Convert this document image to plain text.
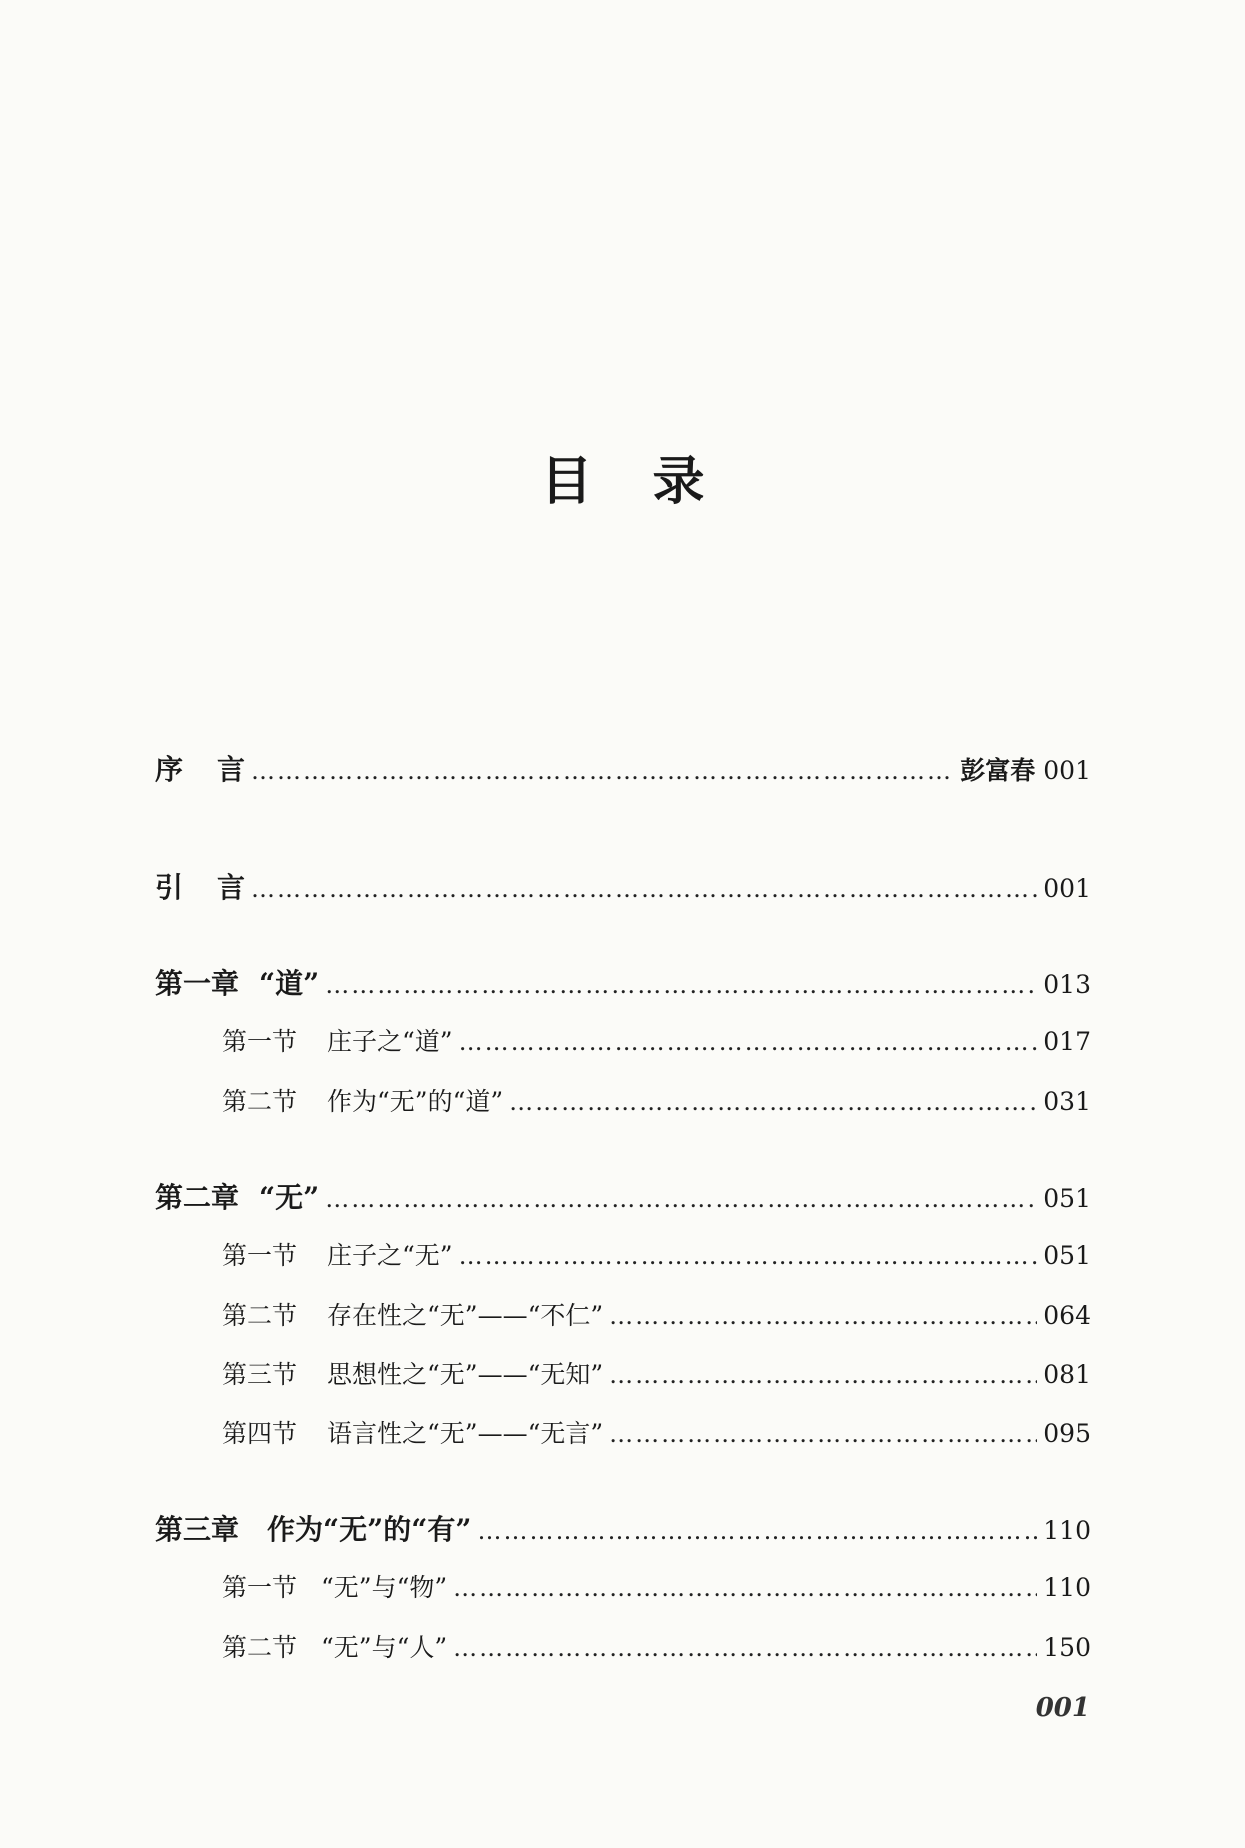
目录
序 言 ………………………………………………………………………………………………………………………………………………………………………	彭富春 001
引 言 ………………………………………………………………………………………………………………………………………………………………………	001
第一章 “道” ………………………………………………………………………………………………………………………………………………………………………	013
第一节 庄子之“道” ………………………………………………………………………………………………………………………………………………………………………	017
第二节 作为“无”的“道” ………………………………………………………………………………………………………………………………………………………………………	031
第二章 “无” ………………………………………………………………………………………………………………………………………………………………………	051
第一节 庄子之“无” ………………………………………………………………………………………………………………………………………………………………………	051
第二节 存在性之“无”——“不仁” ………………………………………………………………………………………………………………………………………………………………………	064
第三节 思想性之“无”——“无知” ………………………………………………………………………………………………………………………………………………………………………	081
第四节 语言性之“无”——“无言” ………………………………………………………………………………………………………………………………………………………………………	095
第三章 作为“无”的“有” ………………………………………………………………………………………………………………………………………………………………………	110
第一节 “无”与“物” ………………………………………………………………………………………………………………………………………………………………………	110
第二节 “无”与“人” ………………………………………………………………………………………………………………………………………………………………………	150
001
